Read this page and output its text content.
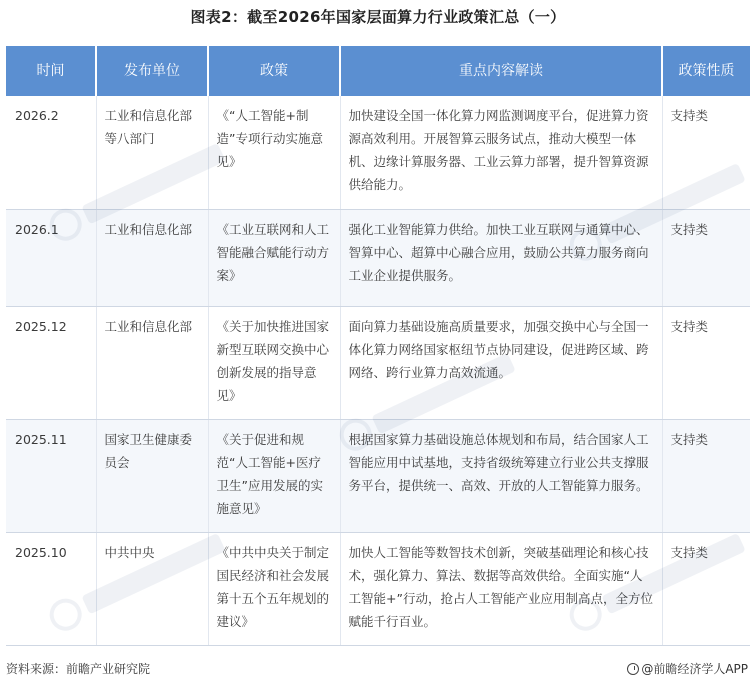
图表2：截至2026年国家层面算力行业政策汇总（一）
时间	发布单位	政策	重点内容解读	政策性质
2026.2	工业和信息化部等八部门	《“人工智能+制造”专项行动实施意见》	加快建设全国一体化算力网监测调度平台，促进算力资源高效利用。开展智算云服务试点，推动大模型一体机、边缘计算服务器、工业云算力部署，提升智算资源供给能力。	支持类
2026.1	工业和信息化部	《工业互联网和人工智能融合赋能行动方案》	强化工业智能算力供给。加快工业互联网与通算中心、智算中心、超算中心融合应用，鼓励公共算力服务商向工业企业提供服务。	支持类
2025.12	工业和信息化部	《关于加快推进国家新型互联网交换中心创新发展的指导意见》	面向算力基础设施高质量要求，加强交换中心与全国一体化算力网络国家枢纽节点协同建设，促进跨区域、跨网络、跨行业算力高效流通。	支持类
2025.11	国家卫生健康委员会	《关于促进和规范“人工智能+医疗卫生”应用发展的实施意见》	根据国家算力基础设施总体规划和布局，结合国家人工智能应用中试基地，支持省级统筹建立行业公共支撑服务平台，提供统一、高效、开放的人工智能算力服务。	支持类
2025.10	中共中央	《中共中央关于制定国民经济和社会发展第十五个五年规划的建议》	加快人工智能等数智技术创新，突破基础理论和核心技术，强化算力、算法、数据等高效供给。全面实施“人工智能+”行动，抢占人工智能产业应用制高点，全方位赋能千行百业。	支持类
资料来源：前瞻产业研究院	@前瞻经济学人APP
